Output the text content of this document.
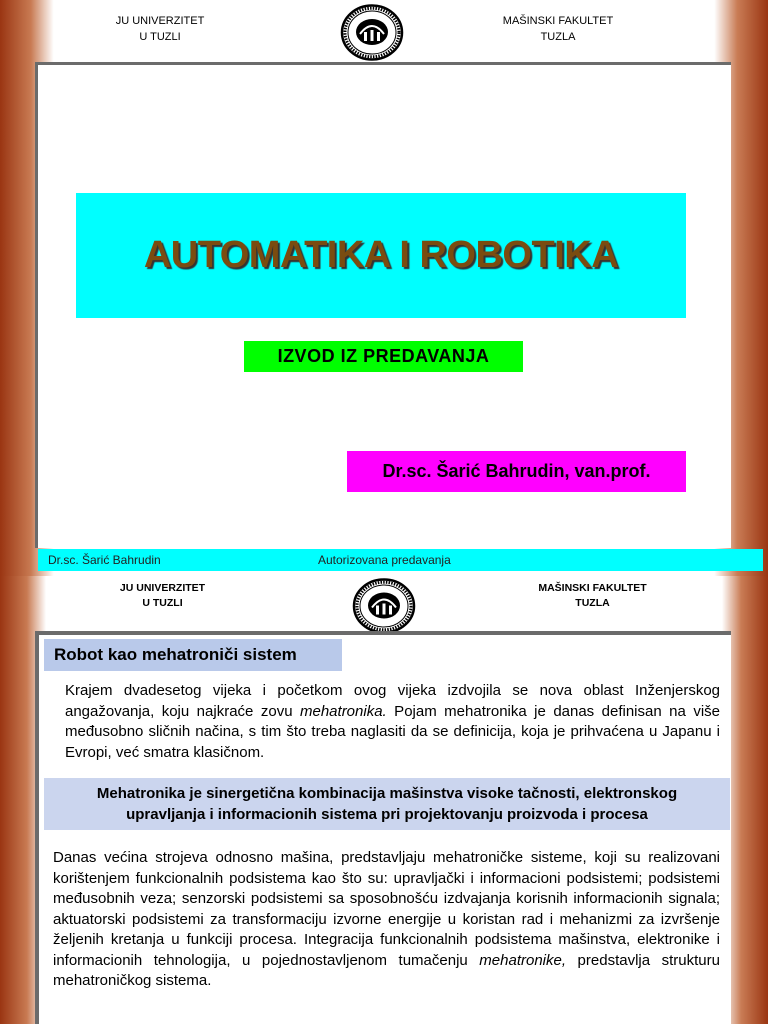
JU UNIVERZITET
U TUZLI
MAŠINSKI FAKULTET
TUZLA
AUTOMATIKA I ROBOTIKA
IZVOD IZ PREDAVANJA
Dr.sc. Šarić Bahrudin, van.prof.
Dr.sc. Šarić Bahrudin	Autorizovana predavanja
JU UNIVERZITET
U TUZLI
MAŠINSKI FAKULTET
TUZLA
Robot kao mehatroniči sistem

Krajem dvadesetog vijeka i početkom ovog vijeka izdvojila se nova oblast Inženjerskog angažovanja, koju najkraće zovu mehatronika. Pojam mehatronika je danas definisan na više međusobno sličnih načina, s tim što treba naglasiti da se definicija, koja je prihvaćena u Japanu i Evropi, već smatra klasičnom.

Mehatronika je sinergetična kombinacija mašinstva visoke tačnosti, elektronskog
upravljanja i informacionih sistema pri projektovanju proizvoda i procesa

Danas većina strojeva odnosno mašina, predstavljaju mehatroničke sisteme, koji su realizovani korištenjem funkcionalnih podsistema kao što su: upravljački i informacioni podsistemi; podsistemi međusobnih veza; senzorski podsistemi sa sposobnošću izdvajanja korisnih informacionih signala; aktuatorski podsistemi za transformaciju izvorne energije u koristan rad i mehanizmi za izvršenje željenih kretanja u funkciji procesa. Integracija funkcionalnih podsistema mašinstva, elektronike i informacionih tehnologija, u pojednostavljenom tumačenju mehatronike, predstavlja strukturu mehatroničkog sistema.
